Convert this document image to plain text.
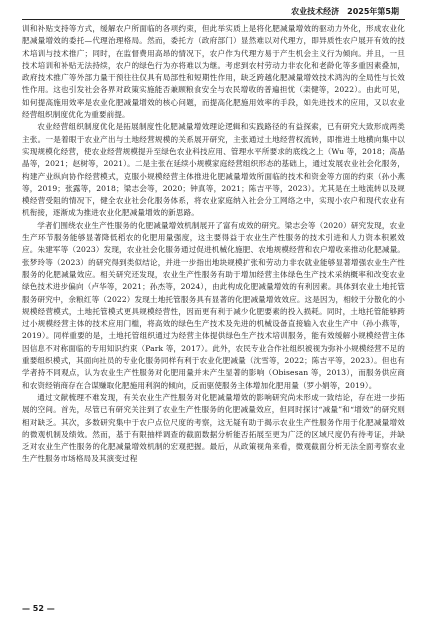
农业技术经济 2025年第5期

训和补贴支持等方式，缓解农户所面临的各项约束，但此举实质上是将化肥减量增效的驱动力外化，形成农业化肥减量增效的委托—代理治理格局。然而，委托方（政府部门）显然难以对代理方，即异质性农户展开有效的技术培训与技术推广；同时，在监督费用高昂的情况下，农户作为代理方易于产生机会主义行为倾向。并且，一旦技术培训和补贴无法持续，农户的绿色行为亦将难以为继。考虑到农村劳动力非农化和老龄化等多重因素叠加，政府技术推广等外部力量干预往往仅具有局部性和短期性作用，缺乏跨越化肥减量增效技术鸿沟的全局性与长效性作用。这也引发社会各界对政策实施能否兼顾粮食安全与农民增收的普遍担忧（栾健等，2022）。由此可见，如何提高施用效率是农业化肥减量增效的核心问题，而提高化肥施用效率的手段，如先进技术的应用，又以农业经营组织制度优化为重要前提。

农业经营组织制度优化是拓展制度性化肥减量增效理论逻辑和实践路径的有益探索，已有研究大致形成两类主张。一是着眼于农业产出与土地经营规模的关系展开研究，主张通过土地经营权流转，即推进土地横向集中以实现规模化经营，使农业经营规模提升至绿色农业科技应用、管理水平所要求的底线之上（Wu 等，2018；高晶晶等，2021；赵树等，2021）。二是主张在延续小规模家庭经营组织形态的基础上，通过发展农业社会化服务，构建产业纵向协作经营模式，克服小规模经营主体推进化肥减量增效所面临的技术和资金等方面的约束（孙小燕等，2019；张露等，2018；梁志会等，2020；钟真等，2021；陈吉平等，2023）。尤其是在土地流转以及规模经营受阻的情况下，健全农业社会化服务体系，将农业家庭纳入社会分工网络之中，实现小农户和现代农业有机衔接，逐渐成为推进农业化肥减量增效的新思路。

学者们围绕农业生产性服务的化肥减量增效机制展开了富有成效的研究。梁志会等（2020）研究发现，农业生产环节服务能够显著降低稻农的化肥用量强度，这主要得益于农业生产性服务的技术引进和人力资本积累效应。朱建军等（2023）发现，农业社会化服务通过促进机械化施肥、农地规模经营和农户增收来推动化肥减量。张梦玲等（2023）的研究得到类似结论，并进一步指出地块规模扩张和劳动力非农就业能够显著增强农业生产性服务的化肥减量效应。相关研究还发现，农业生产性服务有助于增加经营主体绿色生产技术采纳概率和改变农业绿色技术进步偏向（卢华等，2021；孙杰等，2024），由此构成化肥减量增效的有利因素。具体到农业土地托管服务研究中，余粮红等（2022）发现土地托管服务具有显著的化肥减量增效效应。这是因为，相较于分散化的小规模经营模式，土地托管模式更具规模经营性，因而更有利于减少化肥要素的投入损耗。同时，土地托管能够跨过小规模经营主体的技术应用门槛，将高效的绿色生产技术及先进的机械设备直接输入农业生产中（孙小燕等，2019）。同样重要的是，土地托管组织通过为经营主体提供绿色生产技术培训服务，能有效缓解小规模经营主体因信息不对称面临的专用知识约束（Park 等，2017）。此外，农民专业合作社组织被视为弥补小规模经营不足的重要组织模式，其面向社员的专业化服务同样有利于农业化肥减量（沈雪等，2022；陈吉平等，2023）。但也有学者持不同观点，认为农业生产性服务对化肥用量并未产生显著的影响（Obisesan 等，2013），而服务供应商和农资经销商存在合谋赚取化肥施用利润的倾向，反而驱使服务主体增加化肥用量（罗小娟等，2019）。

通过文献梳理不难发现，有关农业生产性服务对化肥减量增效的影响研究尚未形成一致结论，存在进一步拓展的空间。首先，尽管已有研究关注到了农业生产性服务的化肥减量效应，但同时探讨“减量”和“增效”的研究则相对缺乏。其次，多数研究集中于农户点位尺度的考察，这无疑有助于揭示农业生产性服务作用于化肥减量增效的微观机制及绩效。然而，基于有限抽样调查的截面数据分析能否拓展至更为广泛的区域尺度仍有待考证，并缺乏对农业生产性服务的化肥减量增效机制的宏观把握。最后，从政策视角来看，微观截面分析无法全面考察农业生产性服务市场格局及其演变过程

— 52 —
